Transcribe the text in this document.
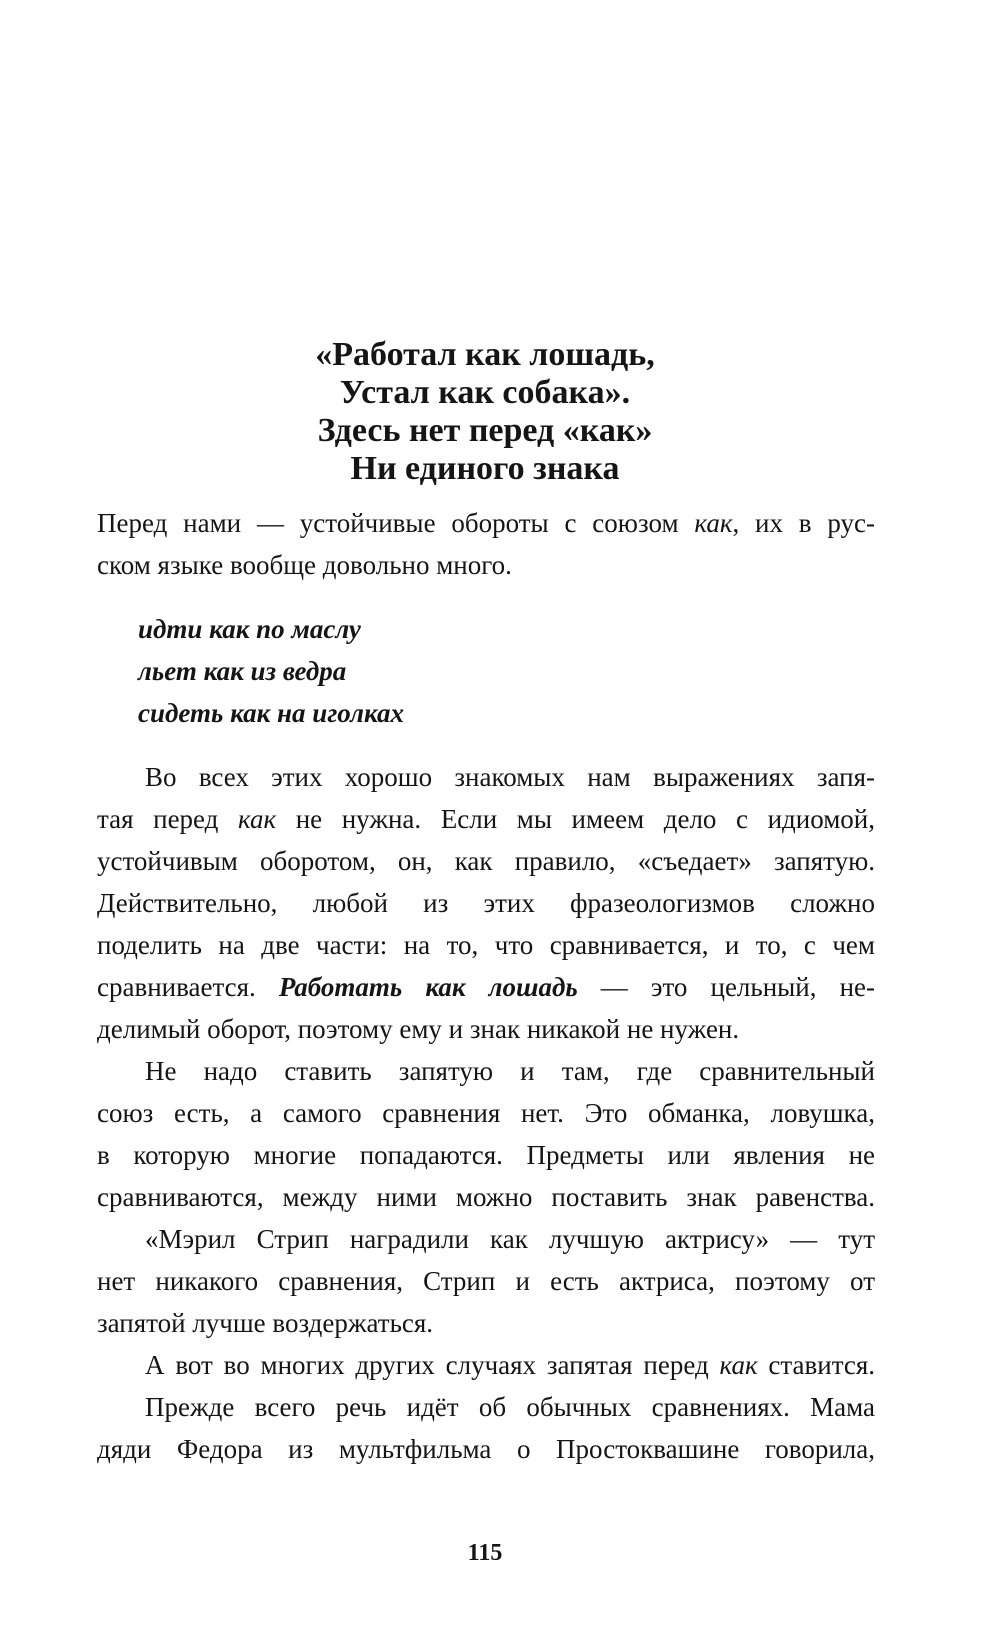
«Работал как лошадь,
Устал как собака».
Здесь нет перед «как»
Ни единого знака
Перед нами — устойчивые обороты с союзом как, их в рус-
ском языке вообще довольно много.
идти как по маслу
льет как из ведра
сидеть как на иголках
Во всех этих хорошо знакомых нам выражениях запя-
тая перед как не нужна. Если мы имеем дело с идиомой,
устойчивым оборотом, он, как правило, «съедает» запятую.
Действительно, любой из этих фразеологизмов сложно
поделить на две части: на то, что сравнивается, и то, с чем
сравнивается. Работать как лошадь — это цельный, не-
делимый оборот, поэтому ему и знак никакой не нужен.
Не надо ставить запятую и там, где сравнительный
союз есть, а самого сравнения нет. Это обманка, ловушка,
в которую многие попадаются. Предметы или явления не
сравниваются, между ними можно поставить знак равенства.
«Мэрил Стрип наградили как лучшую актрису» — тут
нет никакого сравнения, Стрип и есть актриса, поэтому от
запятой лучше воздержаться.
А вот во многих других случаях запятая перед как ставится.
Прежде всего речь идёт об обычных сравнениях. Мама
дяди Федора из мультфильма о Простоквашине говорила,
115
